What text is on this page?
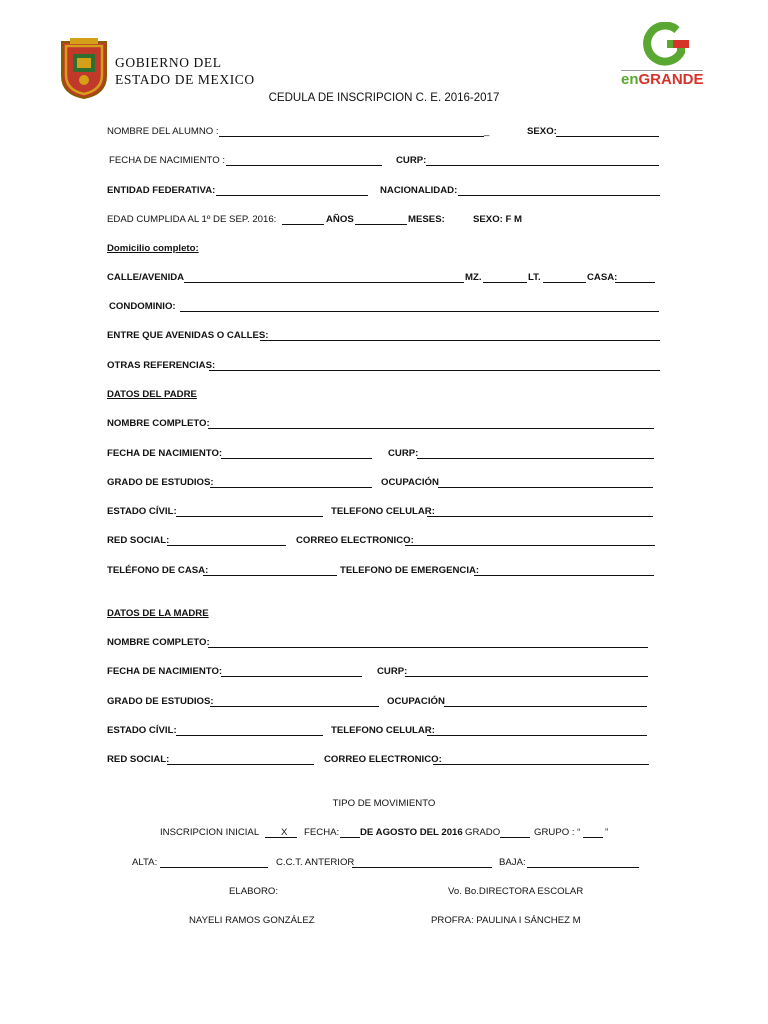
GOBIERNO DEL
ESTADO DE MEXICO	enGRANDE
CEDULA DE INSCRIPCION C. E. 2016-2017
NOMBRE DEL ALUMNO :	_	SEXO:
FECHA DE NACIMIENTO :	CURP:
ENTIDAD FEDERATIVA:	NACIONALIDAD:
EDAD CUMPLIDA AL 1º DE SEP. 2016:	AÑOS	MESES:	SEXO: F M
Domicilio completo:
CALLE/AVENIDA	MZ.	LT.	CASA:
CONDOMINIO:
ENTRE QUE AVENIDAS O CALLES:
OTRAS REFERENCIAS:
DATOS DEL PADRE
NOMBRE COMPLETO:
FECHA DE NACIMIENTO:	CURP:
GRADO DE ESTUDIOS:	OCUPACIÓN
ESTADO CÍVIL:	TELEFONO CELULAR:
RED SOCIAL:	CORREO ELECTRONICO:
TELÉFONO DE CASA:	TELEFONO DE EMERGENCIA:
DATOS DE LA MADRE
NOMBRE COMPLETO:
FECHA DE NACIMIENTO:	CURP:
GRADO DE ESTUDIOS:	OCUPACIÓN
ESTADO CÍVIL:	TELEFONO CELULAR:
RED SOCIAL:	CORREO ELECTRONICO:
TIPO DE MOVIMIENTO
INSCRIPCION INICIAL X FECHA: DE AGOSTO DEL 2016 GRADO	GRUPO : “	”
ALTA:	C.C.T. ANTERIOR	BAJA:
ELABORO:	Vo. Bo.DIRECTORA ESCOLAR
NAYELI RAMOS GONZÁLEZ	PROFRA: PAULINA I SÁNCHEZ M
